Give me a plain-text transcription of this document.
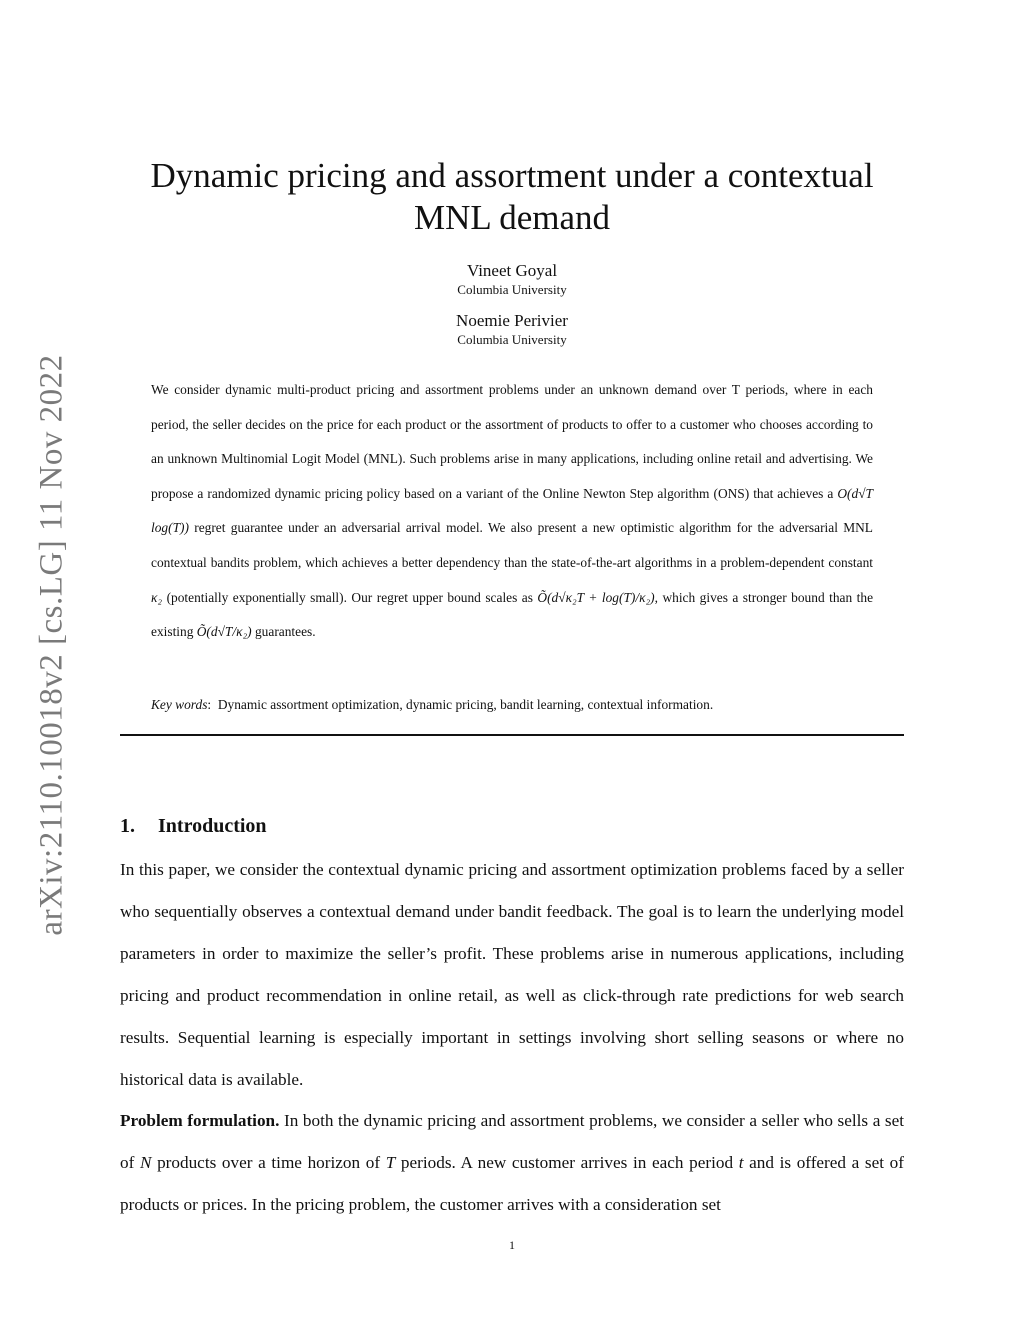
arXiv:2110.10018v2 [cs.LG] 11 Nov 2022
Dynamic pricing and assortment under a contextual MNL demand
Vineet Goyal
Columbia University
Noemie Perivier
Columbia University

We consider dynamic multi-product pricing and assortment problems under an unknown demand over T periods, where in each period, the seller decides on the price for each product or the assortment of products to offer to a customer who chooses according to an unknown Multinomial Logit Model (MNL). Such problems arise in many applications, including online retail and advertising. We propose a randomized dynamic pricing policy based on a variant of the Online Newton Step algorithm (ONS) that achieves a O(d√T log(T)) regret guarantee under an adversarial arrival model. We also present a new optimistic algorithm for the adversarial MNL contextual bandits problem, which achieves a better dependency than the state-of-the-art algorithms in a problem-dependent constant κ₂ (potentially exponentially small). Our regret upper bound scales as Õ(d√κ₂T + log(T)/κ₂), which gives a stronger bound than the existing Õ(d√T/κ₂) guarantees.

Key words:  Dynamic assortment optimization, dynamic pricing, bandit learning, contextual information.
1. Introduction

In this paper, we consider the contextual dynamic pricing and assortment optimization problems faced by a seller who sequentially observes a contextual demand under bandit feedback. The goal is to learn the underlying model parameters in order to maximize the seller’s profit. These problems arise in numerous applications, including pricing and product recommendation in online retail, as well as click-through rate predictions for web search results. Sequential learning is especially important in settings involving short selling seasons or where no historical data is available.

Problem formulation. In both the dynamic pricing and assortment problems, we consider a seller who sells a set of N products over a time horizon of T periods. A new customer arrives in each period t and is offered a set of products or prices. In the pricing problem, the customer arrives with a consideration set

1
